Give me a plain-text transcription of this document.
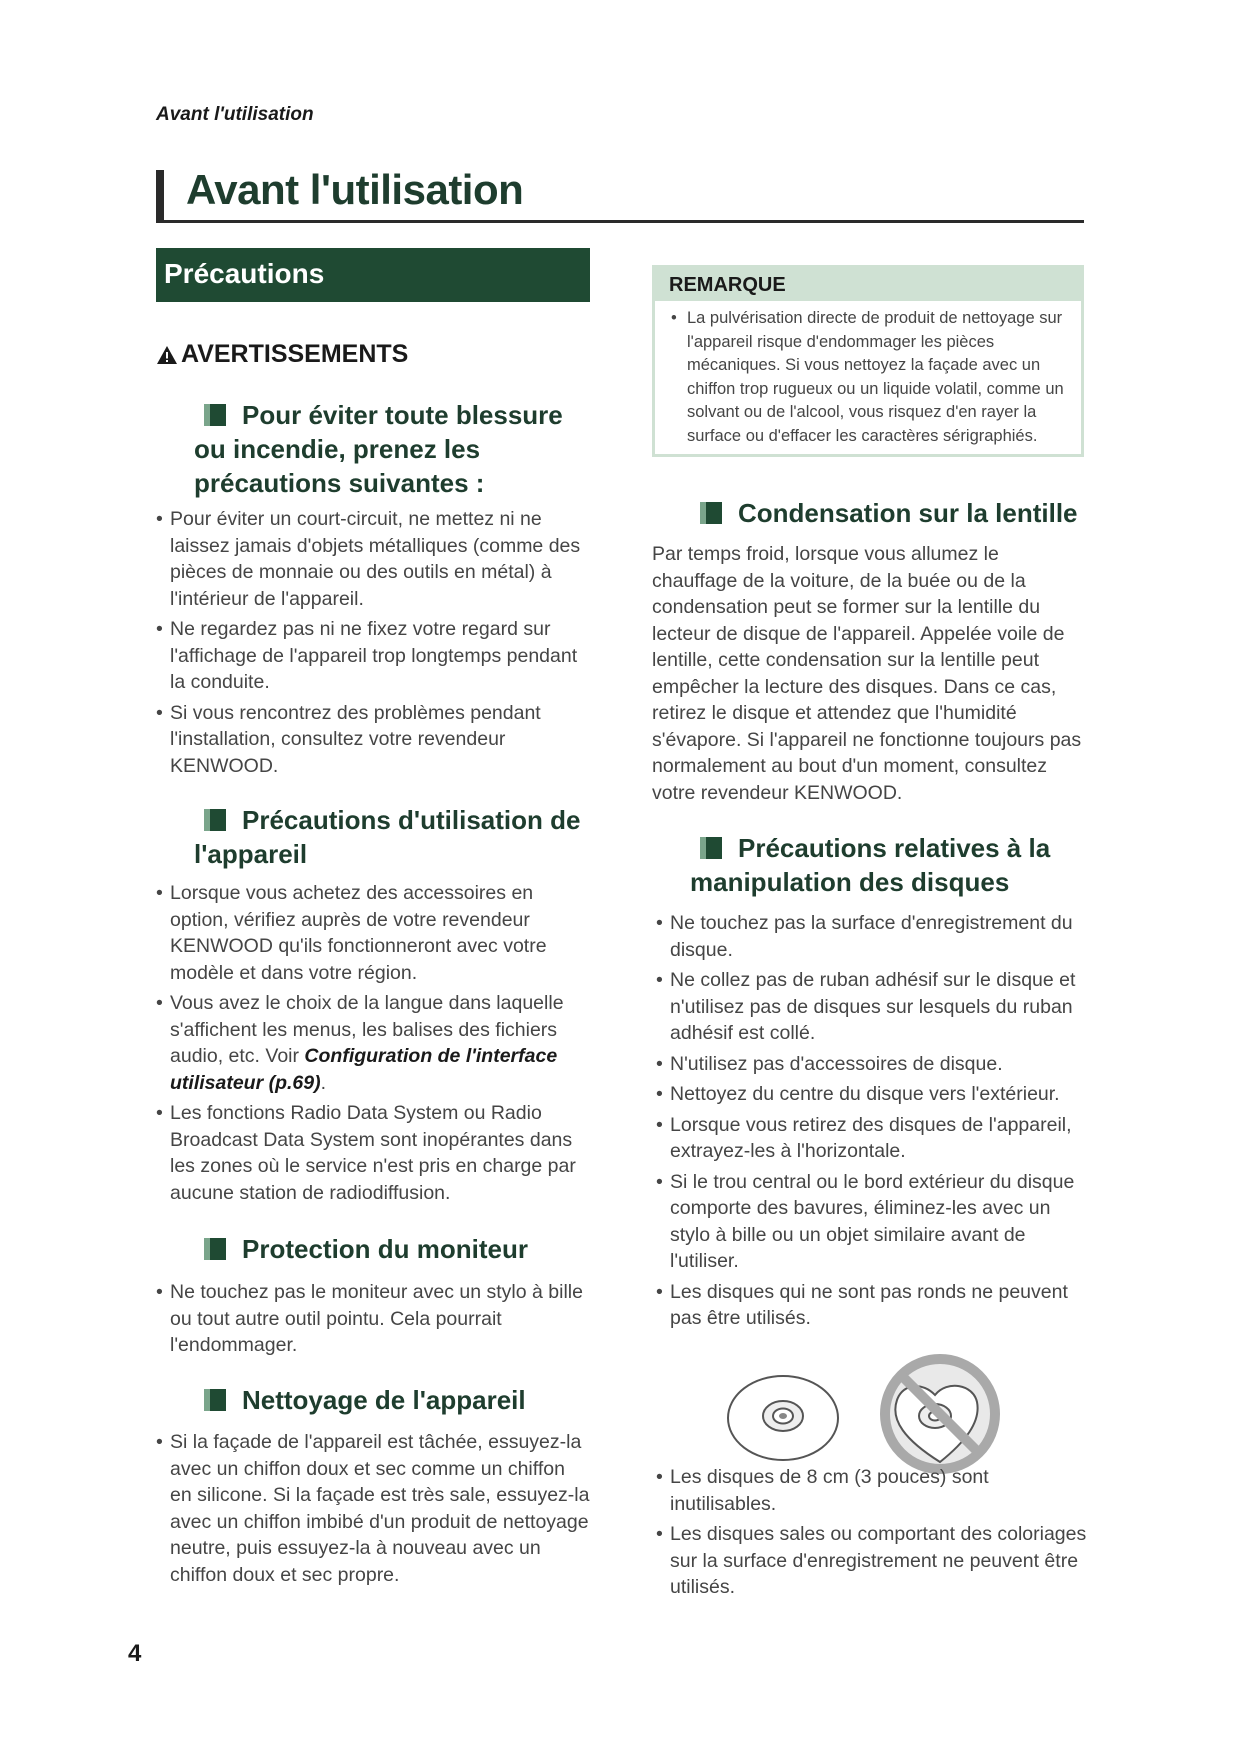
Avant l'utilisation
Avant l'utilisation
Précautions
AVERTISSEMENTS
Pour éviter toute blessure
ou incendie, prenez les
précautions suivantes :
• Pour éviter un court-circuit, ne mettez ni ne laissez jamais d'objets métalliques (comme des pièces de monnaie ou des outils en métal) à l'intérieur de l'appareil.
• Ne regardez pas ni ne fixez votre regard sur l'affichage de l'appareil trop longtemps pendant la conduite.
• Si vous rencontrez des problèmes pendant l'installation, consultez votre revendeur KENWOOD.
Précautions d'utilisation de
l'appareil
• Lorsque vous achetez des accessoires en option, vérifiez auprès de votre revendeur KENWOOD qu'ils fonctionneront avec votre modèle et dans votre région.
• Vous avez le choix de la langue dans laquelle s'affichent les menus, les balises des fichiers audio, etc. Voir Configuration de l'interface utilisateur (p.69).
• Les fonctions Radio Data System ou Radio Broadcast Data System sont inopérantes dans les zones où le service n'est pris en charge par aucune station de radiodiffusion.
Protection du moniteur
• Ne touchez pas le moniteur avec un stylo à bille ou tout autre outil pointu. Cela pourrait l'endommager.
Nettoyage de l'appareil
• Si la façade de l'appareil est tâchée, essuyez-la avec un chiffon doux et sec comme un chiffon en silicone. Si la façade est très sale, essuyez-la avec un chiffon imbibé d'un produit de nettoyage neutre, puis essuyez-la à nouveau avec un chiffon doux et sec propre.
REMARQUE
• La pulvérisation directe de produit de nettoyage sur l'appareil risque d'endommager les pièces mécaniques. Si vous nettoyez la façade avec un chiffon trop rugueux ou un liquide volatil, comme un solvant ou de l'alcool, vous risquez d'en rayer la surface ou d'effacer les caractères sérigraphiés.
Condensation sur la lentille
Par temps froid, lorsque vous allumez le chauffage de la voiture, de la buée ou de la condensation peut se former sur la lentille du lecteur de disque de l'appareil. Appelée voile de lentille, cette condensation sur la lentille peut empêcher la lecture des disques. Dans ce cas, retirez le disque et attendez que l'humidité s'évapore. Si l'appareil ne fonctionne toujours pas normalement au bout d'un moment, consultez votre revendeur KENWOOD.
Précautions relatives à la
manipulation des disques
• Ne touchez pas la surface d'enregistrement du disque.
• Ne collez pas de ruban adhésif sur le disque et n'utilisez pas de disques sur lesquels du ruban adhésif est collé.
• N'utilisez pas d'accessoires de disque.
• Nettoyez du centre du disque vers l'extérieur.
• Lorsque vous retirez des disques de l'appareil, extrayez-les à l'horizontale.
• Si le trou central ou le bord extérieur du disque comporte des bavures, éliminez-les avec un stylo à bille ou un objet similaire avant de l'utiliser.
• Les disques qui ne sont pas ronds ne peuvent pas être utilisés.
• Les disques de 8 cm (3 pouces) sont inutilisables.
• Les disques sales ou comportant des coloriages sur la surface d'enregistrement ne peuvent être utilisés.
4
